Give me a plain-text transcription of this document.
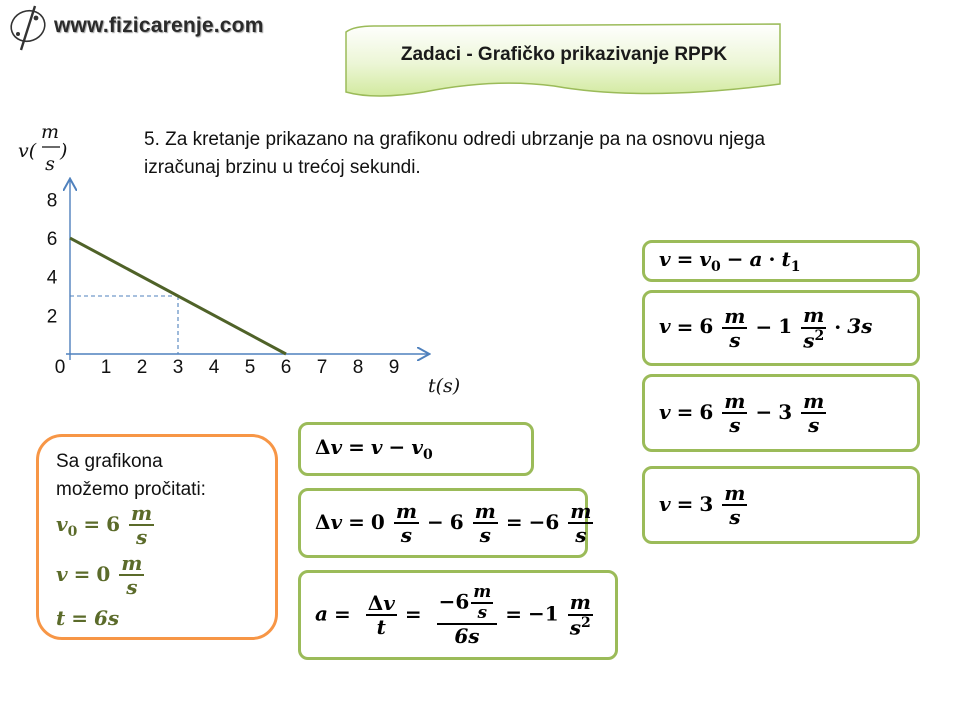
www.fizicarenje.com
Zadaci - Grafičko prikazivanje RPPK
5. Za kretanje prikazano na grafikonu odredi ubrzanje pa na osnovu njega
izračunaj brzinu u trećoj sekundi.
0 1 2 3 4 5 6 7 8 9
2
4
6
8
t(s)
v(
m
s
)
Sa grafikona
možemo pročitati:
$v_0 = 6 \frac{m}{s}$
$v = 0 \frac{m}{s}$
t = 6s
$\Delta v = v - v_0$
$\Delta v = 0 \frac{m}{s} - 6 \frac{m}{s} = -6 \frac{m}{s}$
$a = \frac{\Delta v}{t} = \frac{-6 \frac{m}{s}}{6s} = -1 \frac{m}{s^2}$
$v = v_0 - a \cdot t_1$
$v = 6 \frac{m}{s} - 1 \frac{m}{s^2} \cdot 3s$
$v = 6 \frac{m}{s} - 3 \frac{m}{s}$
$v = 3 \frac{m}{s}$
